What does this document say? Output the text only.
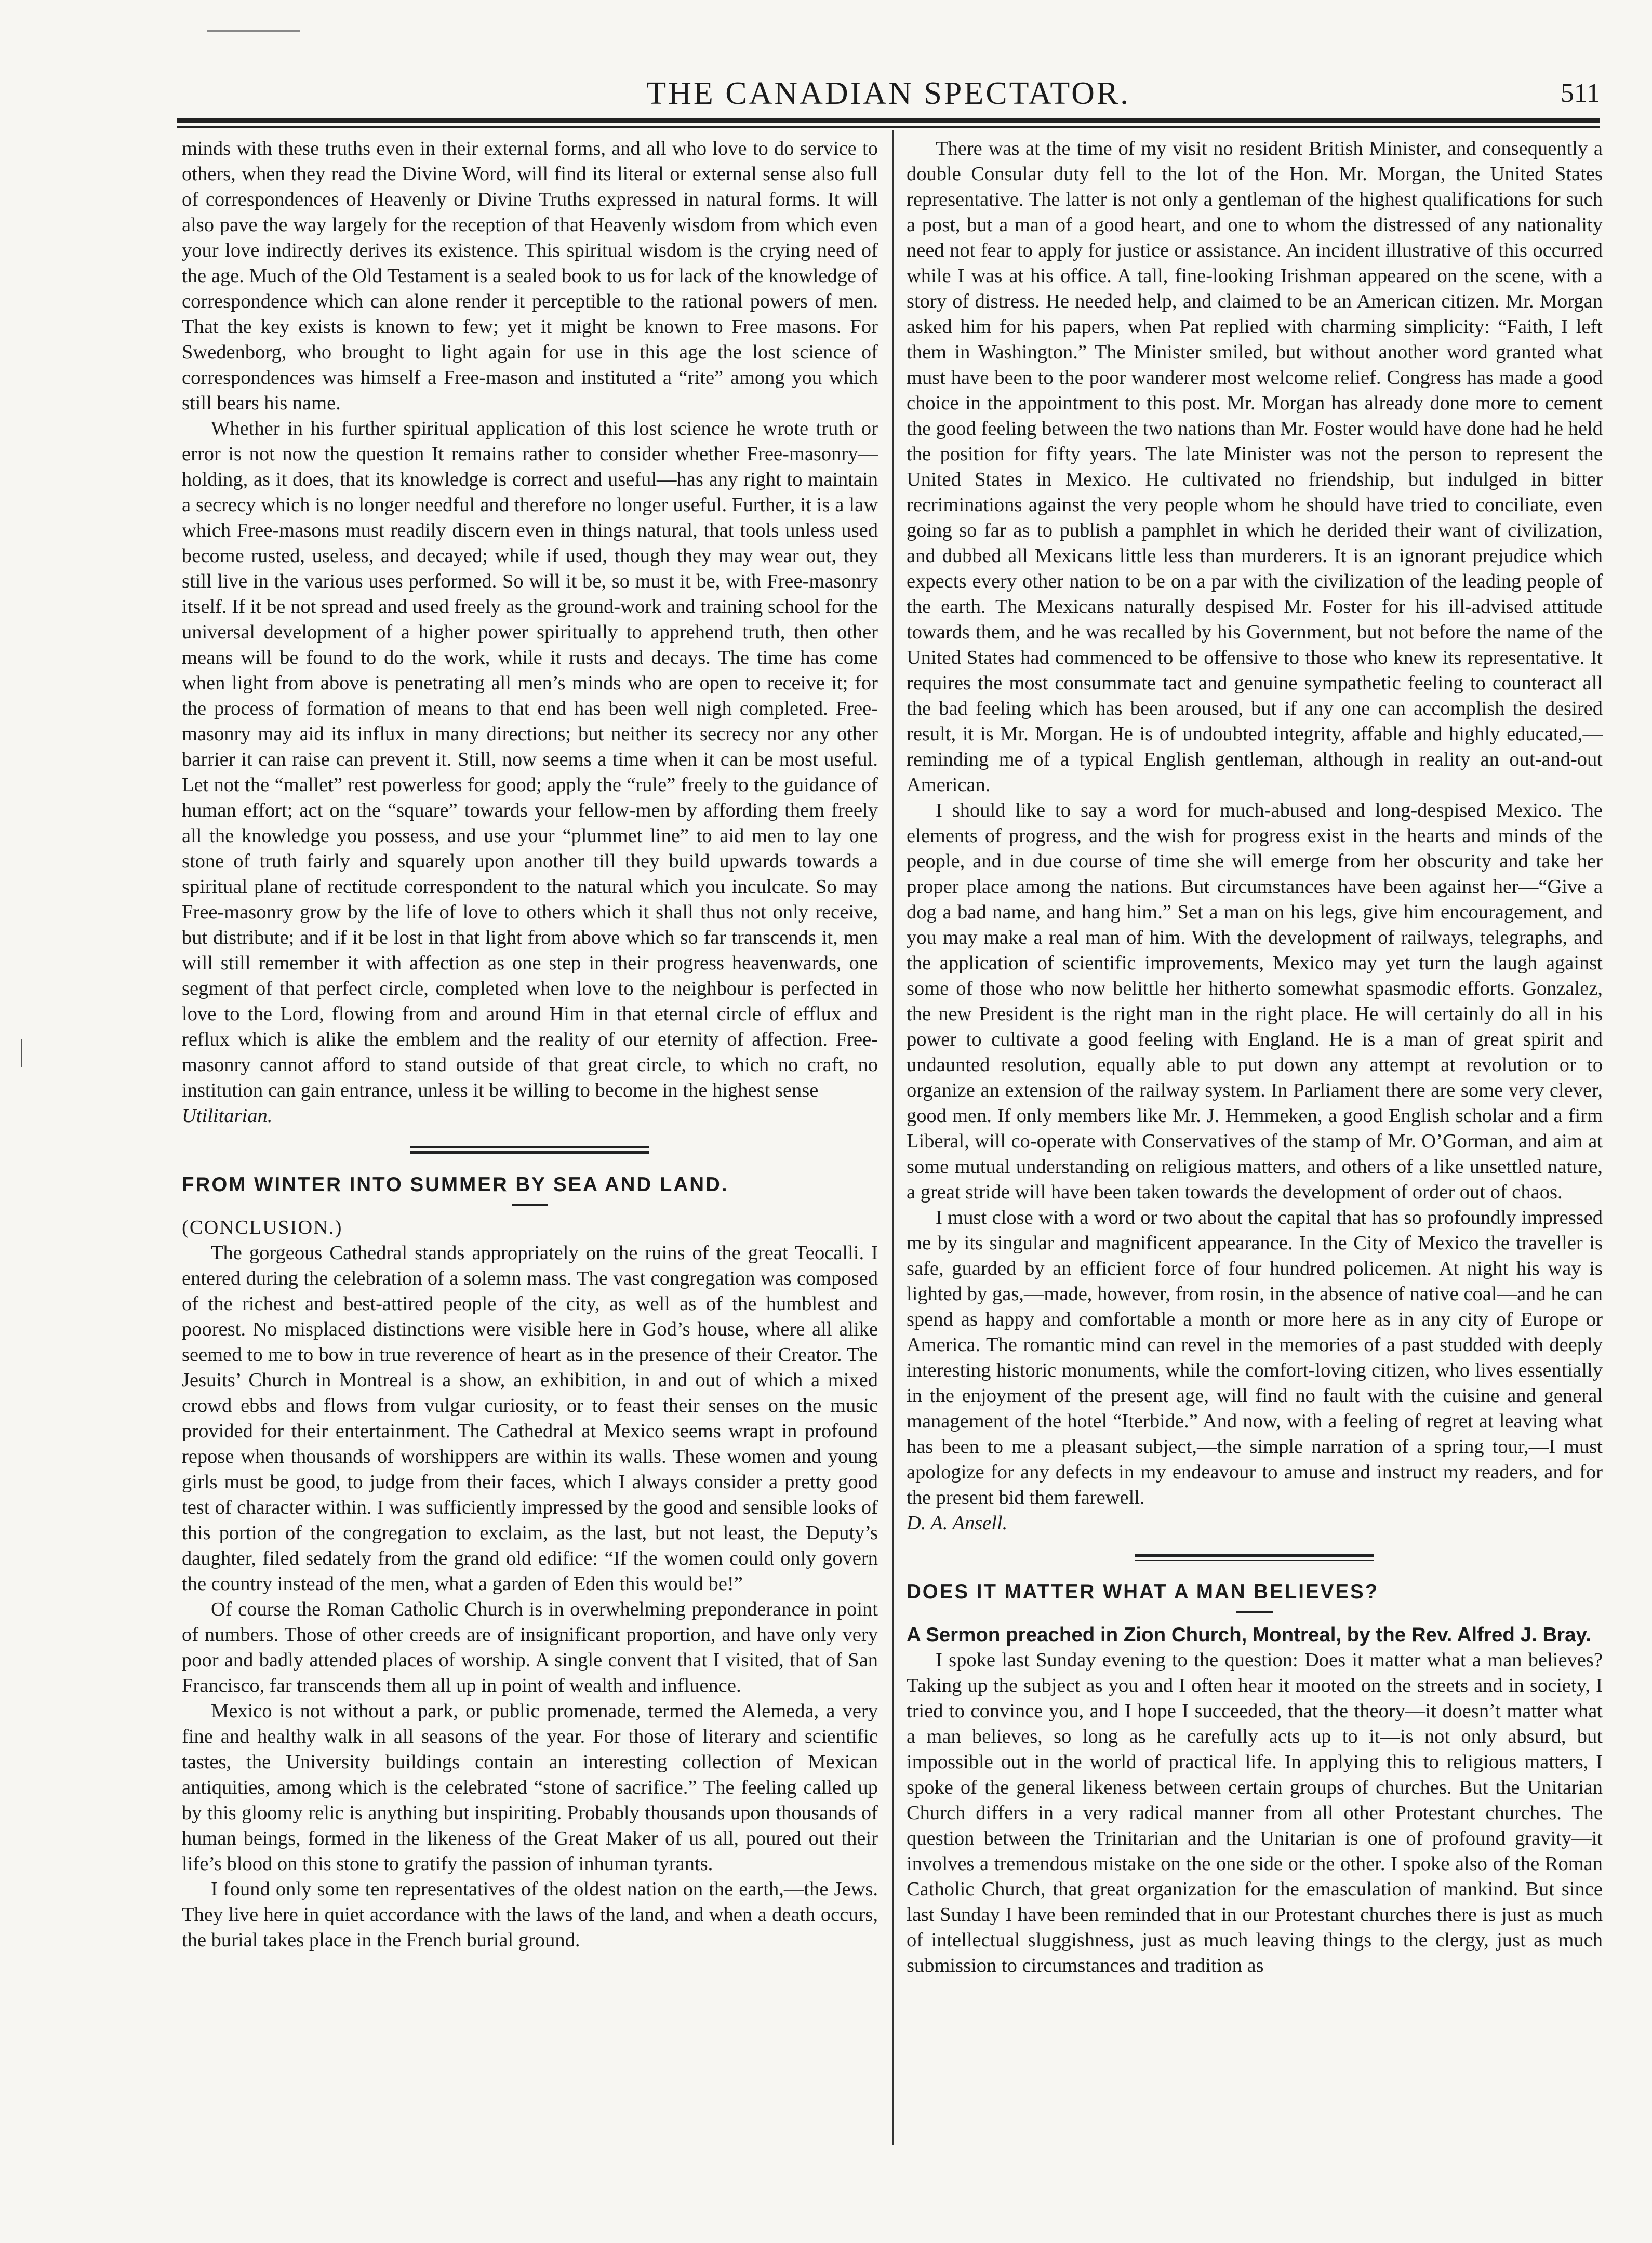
THE CANADIAN SPECTATOR.	511

minds with these truths even in their external forms, and all who love to do service to others, when they read the Divine Word, will find its literal or external sense also full of correspondences of Heavenly or Divine Truths expressed in natural forms. It will also pave the way largely for the reception of that Heavenly wisdom from which even your love indirectly derives its existence. This spiritual wisdom is the crying need of the age. Much of the Old Testament is a sealed book to us for lack of the knowledge of correspondence which can alone render it perceptible to the rational powers of men. That the key exists is known to few; yet it might be known to Free masons. For Swedenborg, who brought to light again for use in this age the lost science of correspondences was himself a Free-mason and instituted a “rite” among you which still bears his name.

Whether in his further spiritual application of this lost science he wrote truth or error is not now the question It remains rather to consider whether Free-masonry—holding, as it does, that its knowledge is correct and useful—has any right to maintain a secrecy which is no longer needful and therefore no longer useful. Further, it is a law which Free-masons must readily discern even in things natural, that tools unless used become rusted, useless, and decayed; while if used, though they may wear out, they still live in the various uses performed. So will it be, so must it be, with Free-masonry itself. If it be not spread and used freely as the ground-work and training school for the universal development of a higher power spiritually to apprehend truth, then other means will be found to do the work, while it rusts and decays. The time has come when light from above is penetrating all men’s minds who are open to receive it; for the process of formation of means to that end has been well nigh completed. Free-masonry may aid its influx in many directions; but neither its secrecy nor any other barrier it can raise can prevent it. Still, now seems a time when it can be most useful. Let not the “mallet” rest powerless for good; apply the “rule” freely to the guidance of human effort; act on the “square” towards your fellow-men by affording them freely all the knowledge you possess, and use your “plummet line” to aid men to lay one stone of truth fairly and squarely upon another till they build upwards towards a spiritual plane of rectitude correspondent to the natural which you inculcate. So may Free-masonry grow by the life of love to others which it shall thus not only receive, but distribute; and if it be lost in that light from above which so far transcends it, men will still remember it with affection as one step in their progress heavenwards, one segment of that perfect circle, completed when love to the neighbour is perfected in love to the Lord, flowing from and around Him in that eternal circle of efflux and reflux which is alike the emblem and the reality of our eternity of affection. Free-masonry cannot afford to stand outside of that great circle, to which no craft, no institution can gain entrance, unless it be willing to become in the highest sense

Utilitarian.

FROM WINTER INTO SUMMER BY SEA AND LAND.

(CONCLUSION.)

The gorgeous Cathedral stands appropriately on the ruins of the great Teocalli. I entered during the celebration of a solemn mass. The vast congregation was composed of the richest and best-attired people of the city, as well as of the humblest and poorest. No misplaced distinctions were visible here in God’s house, where all alike seemed to me to bow in true reverence of heart as in the presence of their Creator. The Jesuits’ Church in Montreal is a show, an exhibition, in and out of which a mixed crowd ebbs and flows from vulgar curiosity, or to feast their senses on the music provided for their entertainment. The Cathedral at Mexico seems wrapt in profound repose when thousands of worshippers are within its walls. These women and young girls must be good, to judge from their faces, which I always consider a pretty good test of character within. I was sufficiently impressed by the good and sensible looks of this portion of the congregation to exclaim, as the last, but not least, the Deputy’s daughter, filed sedately from the grand old edifice: “If the women could only govern the country instead of the men, what a garden of Eden this would be!”

Of course the Roman Catholic Church is in overwhelming preponderance in point of numbers. Those of other creeds are of insignificant proportion, and have only very poor and badly attended places of worship. A single convent that I visited, that of San Francisco, far transcends them all up in point of wealth and influence.

Mexico is not without a park, or public promenade, termed the Alemeda, a very fine and healthy walk in all seasons of the year. For those of literary and scientific tastes, the University buildings contain an interesting collection of Mexican antiquities, among which is the celebrated “stone of sacrifice.” The feeling called up by this gloomy relic is anything but inspiriting. Probably thousands upon thousands of human beings, formed in the likeness of the Great Maker of us all, poured out their life’s blood on this stone to gratify the passion of inhuman tyrants.

I found only some ten representatives of the oldest nation on the earth,—the Jews. They live here in quiet accordance with the laws of the land, and when a death occurs, the burial takes place in the French burial ground.

There was at the time of my visit no resident British Minister, and consequently a double Consular duty fell to the lot of the Hon. Mr. Morgan, the United States representative. The latter is not only a gentleman of the highest qualifications for such a post, but a man of a good heart, and one to whom the distressed of any nationality need not fear to apply for justice or assistance. An incident illustrative of this occurred while I was at his office. A tall, fine-looking Irishman appeared on the scene, with a story of distress. He needed help, and claimed to be an American citizen. Mr. Morgan asked him for his papers, when Pat replied with charming simplicity: “Faith, I left them in Washington.” The Minister smiled, but without another word granted what must have been to the poor wanderer most welcome relief. Congress has made a good choice in the appointment to this post. Mr. Morgan has already done more to cement the good feeling between the two nations than Mr. Foster would have done had he held the position for fifty years. The late Minister was not the person to represent the United States in Mexico. He cultivated no friendship, but indulged in bitter recriminations against the very people whom he should have tried to conciliate, even going so far as to publish a pamphlet in which he derided their want of civilization, and dubbed all Mexicans little less than murderers. It is an ignorant prejudice which expects every other nation to be on a par with the civilization of the leading people of the earth. The Mexicans naturally despised Mr. Foster for his ill-advised attitude towards them, and he was recalled by his Government, but not before the name of the United States had commenced to be offensive to those who knew its representative. It requires the most consummate tact and genuine sympathetic feeling to counteract all the bad feeling which has been aroused, but if any one can accomplish the desired result, it is Mr. Morgan. He is of undoubted integrity, affable and highly educated,—reminding me of a typical English gentleman, although in reality an out-and-out American.

I should like to say a word for much-abused and long-despised Mexico. The elements of progress, and the wish for progress exist in the hearts and minds of the people, and in due course of time she will emerge from her obscurity and take her proper place among the nations. But circumstances have been against her—“Give a dog a bad name, and hang him.” Set a man on his legs, give him encouragement, and you may make a real man of him. With the development of railways, telegraphs, and the application of scientific improvements, Mexico may yet turn the laugh against some of those who now belittle her hitherto somewhat spasmodic efforts. Gonzalez, the new President is the right man in the right place. He will certainly do all in his power to cultivate a good feeling with England. He is a man of great spirit and undaunted resolution, equally able to put down any attempt at revolution or to organize an extension of the railway system. In Parliament there are some very clever, good men. If only members like Mr. J. Hemmeken, a good English scholar and a firm Liberal, will co-operate with Conservatives of the stamp of Mr. O’Gorman, and aim at some mutual understanding on religious matters, and others of a like unsettled nature, a great stride will have been taken towards the development of order out of chaos.

I must close with a word or two about the capital that has so profoundly impressed me by its singular and magnificent appearance. In the City of Mexico the traveller is safe, guarded by an efficient force of four hundred policemen. At night his way is lighted by gas,—made, however, from rosin, in the absence of native coal—and he can spend as happy and comfortable a month or more here as in any city of Europe or America. The romantic mind can revel in the memories of a past studded with deeply interesting historic monuments, while the comfort-loving citizen, who lives essentially in the enjoyment of the present age, will find no fault with the cuisine and general management of the hotel “Iterbide.” And now, with a feeling of regret at leaving what has been to me a pleasant subject,—the simple narration of a spring tour,—I must apologize for any defects in my endeavour to amuse and instruct my readers, and for the present bid them farewell.

D. A. Ansell.

DOES IT MATTER WHAT A MAN BELIEVES?

A Sermon preached in Zion Church, Montreal, by the Rev. Alfred J. Bray.

I spoke last Sunday evening to the question: Does it matter what a man believes? Taking up the subject as you and I often hear it mooted on the streets and in society, I tried to convince you, and I hope I succeeded, that the theory—it doesn’t matter what a man believes, so long as he carefully acts up to it—is not only absurd, but impossible out in the world of practical life. In applying this to religious matters, I spoke of the general likeness between certain groups of churches. But the Unitarian Church differs in a very radical manner from all other Protestant churches. The question between the Trinitarian and the Unitarian is one of profound gravity—it involves a tremendous mistake on the one side or the other. I spoke also of the Roman Catholic Church, that great organization for the emasculation of mankind. But since last Sunday I have been reminded that in our Protestant churches there is just as much of intellectual sluggishness, just as much leaving things to the clergy, just as much submission to circumstances and tradition as
